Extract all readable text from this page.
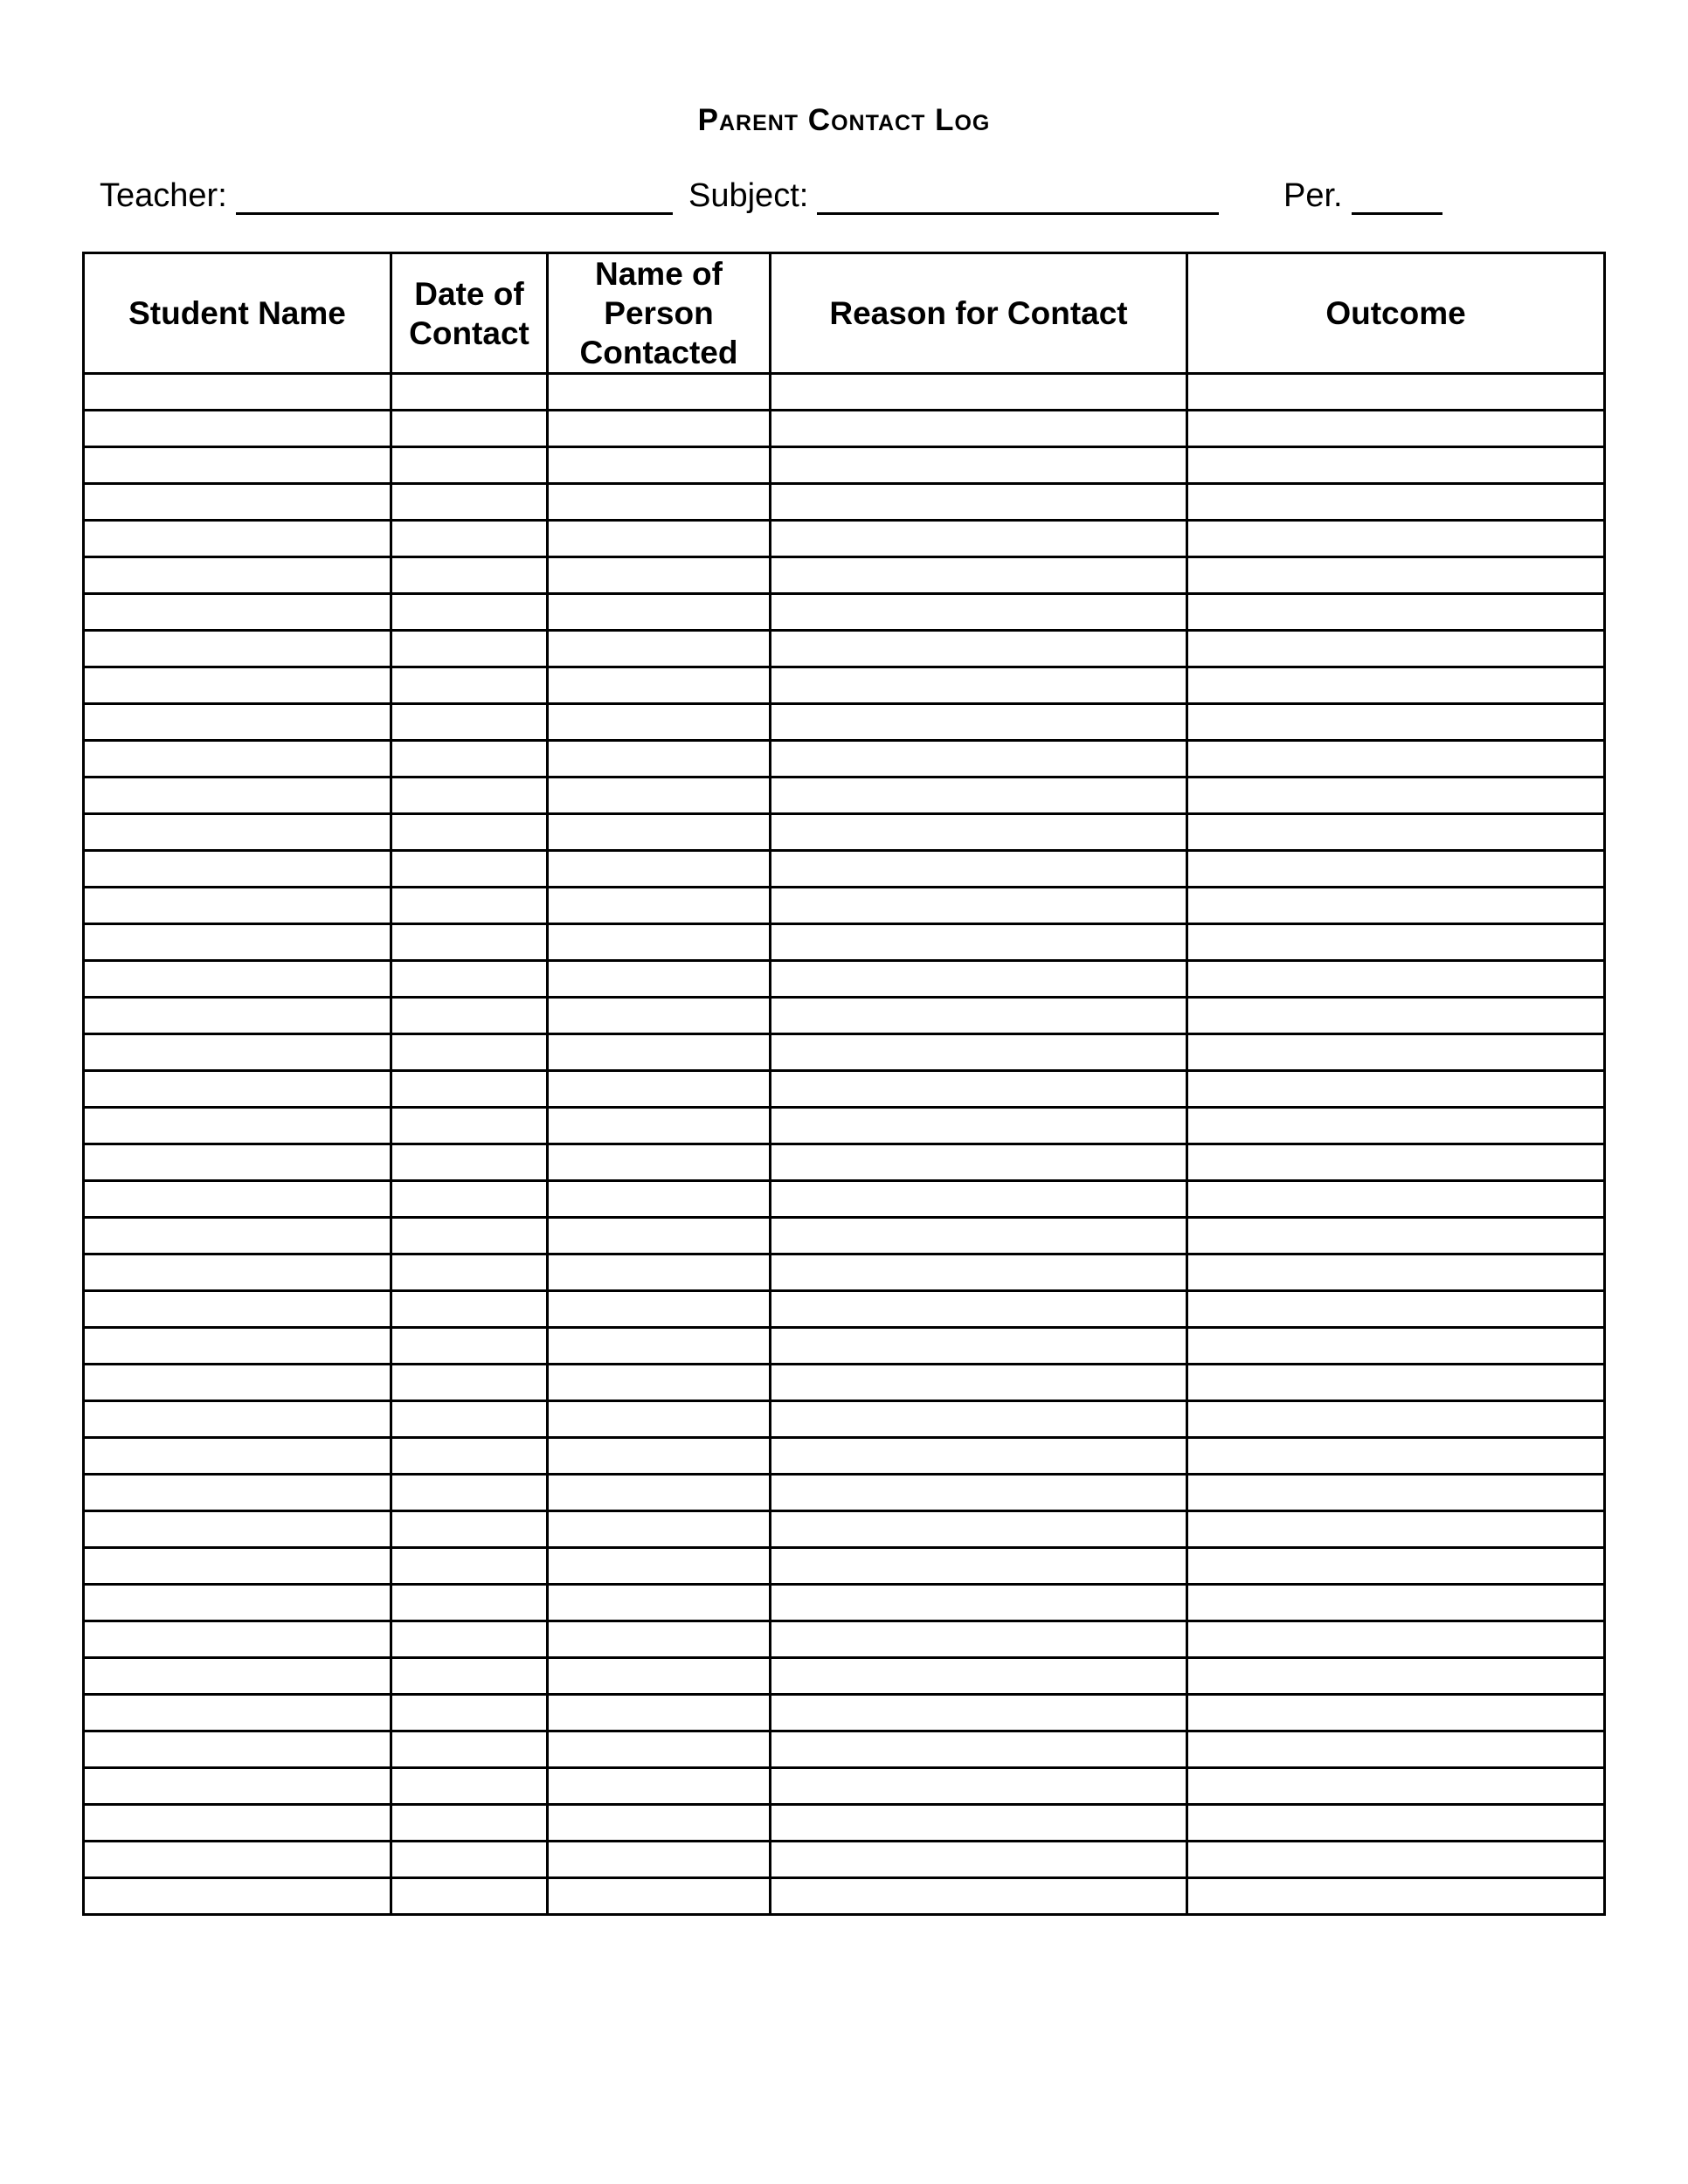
Parent Contact Log
Teacher:	Subject:	Per.
Student Name	Date of Contact	Name of Person Contacted	Reason for Contact	Outcome
